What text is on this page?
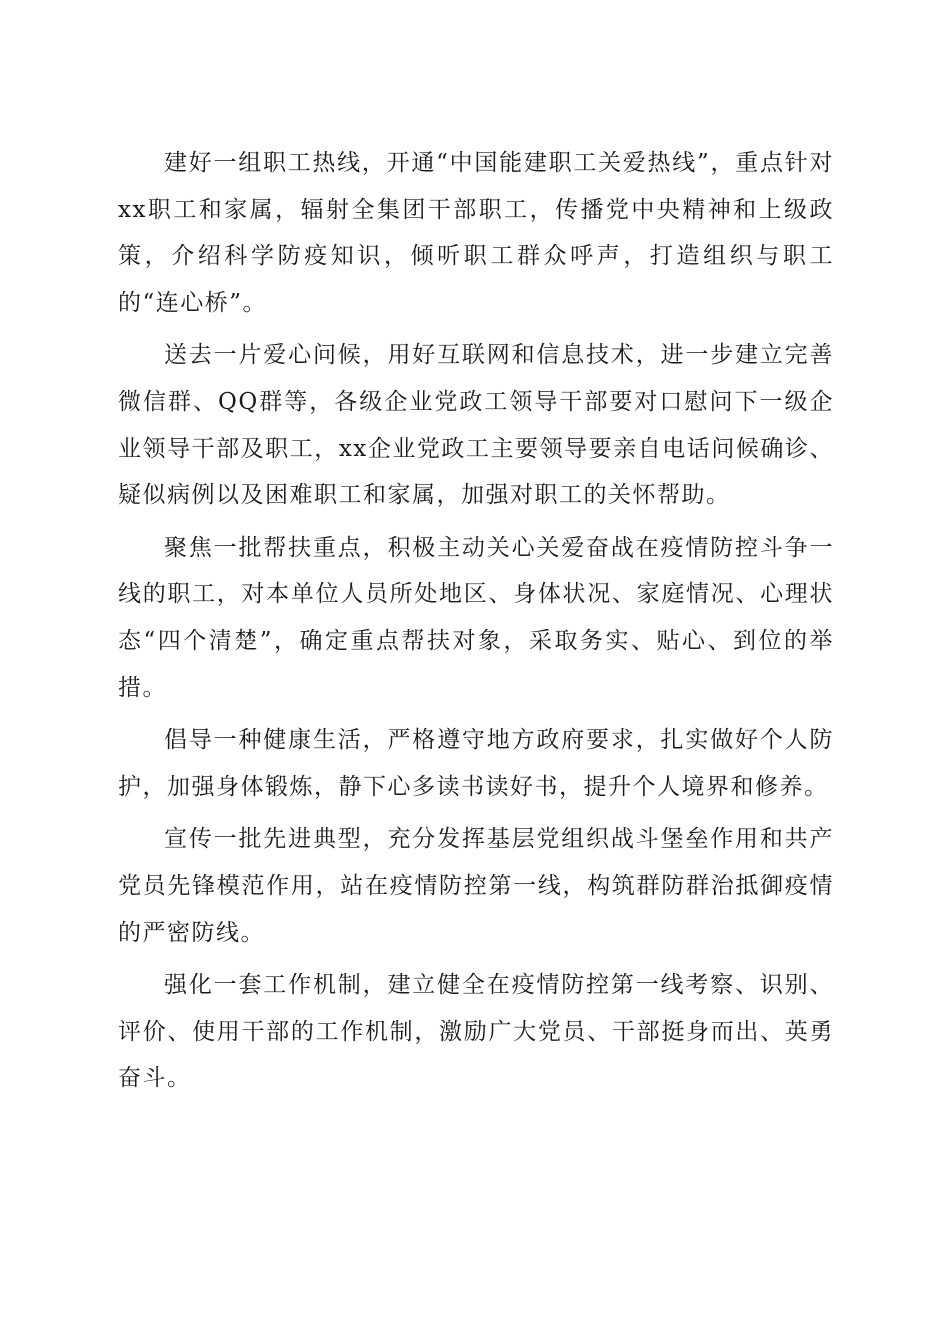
建好一组职工热线，开通“中国能建职工关爱热线”，重点针对xx职工和家属，辐射全集团干部职工，传播党中央精神和上级政策，介绍科学防疫知识，倾听职工群众呼声，打造组织与职工的“连心桥”。

送去一片爱心问候，用好互联网和信息技术，进一步建立完善微信群、QQ群等，各级企业党政工领导干部要对口慰问下一级企业领导干部及职工，xx企业党政工主要领导要亲自电话问候确诊、疑似病例以及困难职工和家属，加强对职工的关怀帮助。

聚焦一批帮扶重点，积极主动关心关爱奋战在疫情防控斗争一线的职工，对本单位人员所处地区、身体状况、家庭情况、心理状态“四个清楚”，确定重点帮扶对象，采取务实、贴心、到位的举措。

倡导一种健康生活，严格遵守地方政府要求，扎实做好个人防护，加强身体锻炼，静下心多读书读好书，提升个人境界和修养。

宣传一批先进典型，充分发挥基层党组织战斗堡垒作用和共产党员先锋模范作用，站在疫情防控第一线，构筑群防群治抵御疫情的严密防线。

强化一套工作机制，建立健全在疫情防控第一线考察、识别、评价、使用干部的工作机制，激励广大党员、干部挺身而出、英勇奋斗。
